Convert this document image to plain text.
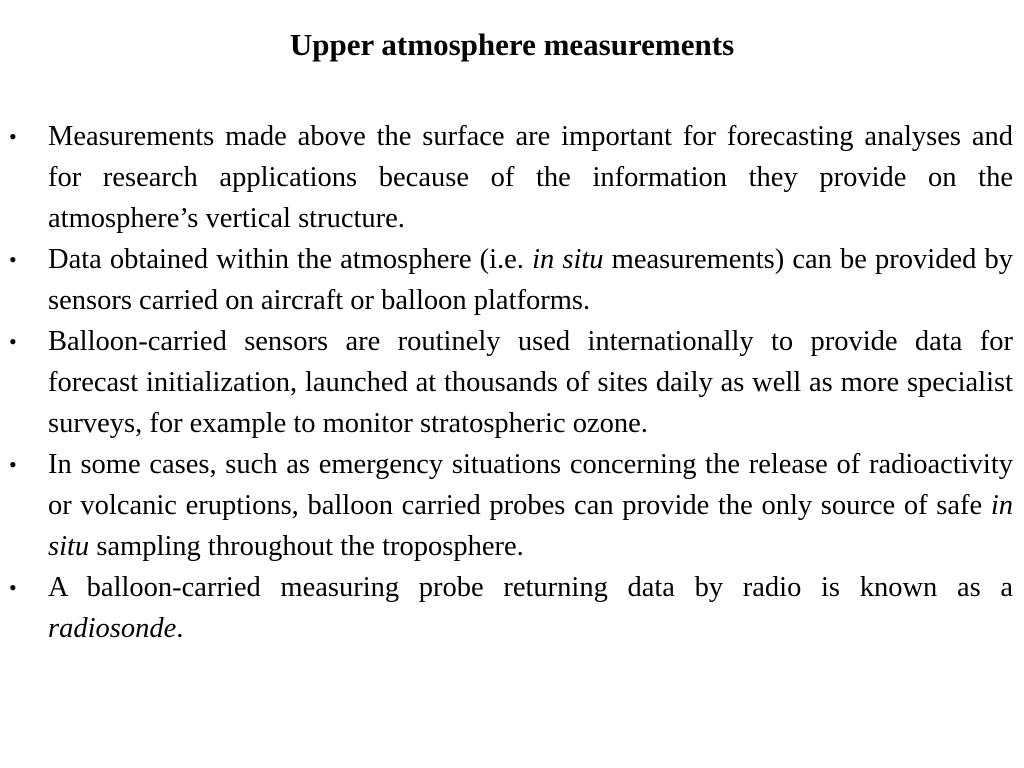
Upper atmosphere measurements
• Measurements made above the surface are important for forecasting analyses and for research applications because of the information they provide on the atmosphere’s vertical structure.
• Data obtained within the atmosphere (i.e. in situ measurements) can be provided by sensors carried on aircraft or balloon platforms.
• Balloon-carried sensors are routinely used internationally to provide data for forecast initialization, launched at thousands of sites daily as well as more specialist surveys, for example to monitor stratospheric ozone.
• In some cases, such as emergency situations concerning the release of radioactivity or volcanic eruptions, balloon carried probes can provide the only source of safe in situ sampling throughout the troposphere.
• A balloon-carried measuring probe returning data by radio is known as a radiosonde.
